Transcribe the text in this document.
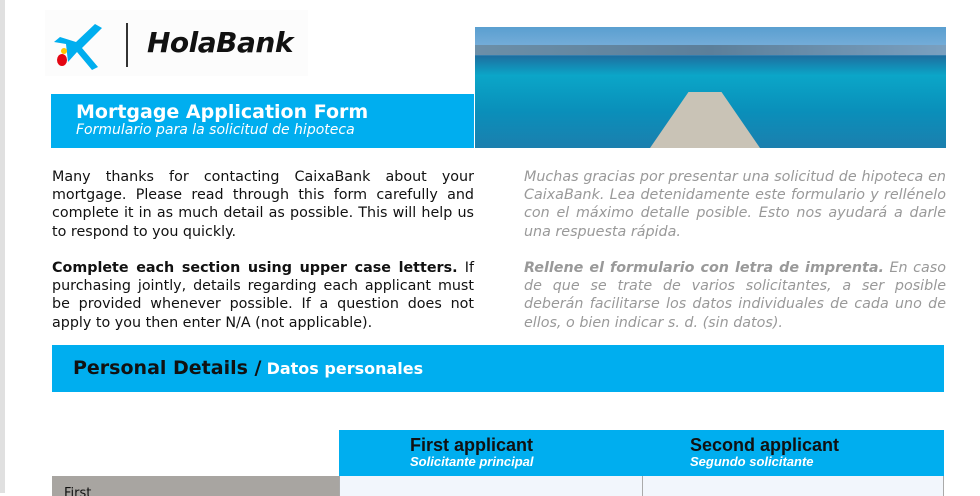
HolaBank
Mortgage Application Form
Formulario para la solicitud de hipoteca
Many thanks for contacting CaixaBank about your mortgage. Please read through this form carefully and complete it in as much detail as possible. This will help us to respond to you quickly.
Complete each section using upper case letters. If purchasing jointly, details regarding each applicant must be provided whenever possible. If a question does not apply to you then enter N/A (not applicable).
Muchas gracias por presentar una solicitud de hipoteca en CaixaBank. Lea detenidamente este formulario y rellénelo con el máximo detalle posible. Esto nos ayudará a darle una respuesta rápida.
Rellene el formulario con letra de imprenta. En caso de que se trate de varios solicitantes, a ser posible deberán facilitarse los datos individuales de cada uno de ellos, o bien indicar s. d. (sin datos).
Personal Details / Datos personales
First applicant
Solicitante principal
Second applicant
Segundo solicitante
First
